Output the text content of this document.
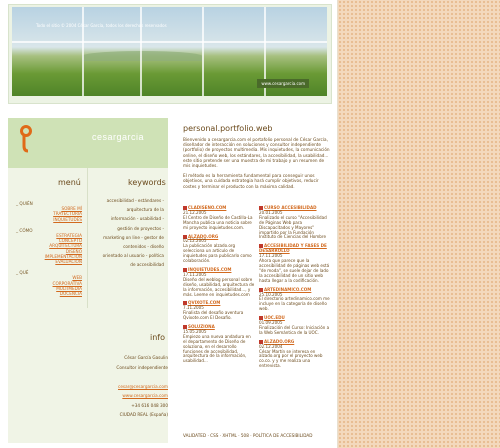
Todo el sitio © 2004 César García, todos los derechos reservados
www.cesargarcia.com
cesargarcia
menú	keywords
_ QUIÉN
SOBRE MÍ
TRAYECTORIA
INQUIETUDES
_ CÓMO
ESTRATEGIA
CONCEPTO
ARQUITECTURA
DISEÑO
IMPLEMENTACIÓN
EVALUACIÓN
_ QUÉ
WEB
CORPORATIVA
MULTIMEDIA
DOCENCIA
accesibilidad - estándares -
arquitectura de la
información - usabilidad -
gestión de proyectos -
marketing on line - gestor de
contenidos - diseño
orientado al usuario - política
de accesibilidad
info
César García Gasulin
Consultor independiente

cesar@cesargarcia.com
www.cesargarcia.com
+34 616 048 300
CIUDAD REAL (España)
personal.portfolio.web

Bienvenido a cesargarcia.com el portafolio personal de César García, diseñador de interacción en soluciones y consultor independiente (portfolio) de proyectos multimedia. Mis inquietudes, la comunicación online, el diseño web, los estándares, la accesibilidad, la usabilidad... este sitio pretende ser una muestra de mi trabajo y un resumen de mis inquietudes.

El método es la herramienta fundamental para conseguir unos objetivos, una cuidada estrategia hará cumplir objetivos, reducir costes y terminar el producto con la máxima calidad.

CLADISENO.COM
21.12.2005
El Centro de Diseño de Castilla-La Mancha publica una noticia sobre mi proyecto inquietudes.com.
ALZADO.ORG
02.12.2005
La publicación alzado.org selecciona un artículo de inquietudes para publicarlo como colaboración.
INQUIETUDES.COM
17.11.2005
Diseño del weblog personal sobre diseño, usabilidad, arquitectura de la información, accesibilidad..., y más. Leeme en inquietudes.com
QVIXOTE.COM
7.11.2005
Finalista del desafío aventura Qvixote.com El Desafío.
SOLUZIONA
15.05.2005
Empiezo una nueva andadura en el departamento de Diseño de soluziona, en el desarrollo funciones de accesibilidad, arquitectura de la información, usabilidad...
CURSO ACCESIBILIDAD
20.01.2005
Finalizado el curso "Accesibilidad de Páginas Web para Discapacitados y Mayores" impartido por la Fundación Instituto de Ciencias del Hombre
ACCESIBILIDAD Y FASES DE DESARROLLO
17.11.2005
Ahora que parece que la accesibilidad de páginas web está "de moda", se suele dejar de lado la accesibilidad de un sitio web hasta llegar a la codificación.
ARTEDINAMICO.COM
25.10.2005
El directorio artedinamico.com me incluye en la categoría de diseño web.
UOC.EDU
01.09.2005
Finalización del Curso: Iniciación a la Web Semántica de la UOC.
ALZADO.ORG
02.12.2004
César Martín se interesa en alzado.org por el proyecto web co.co. y y me realiza una entrevista.
VALIDATED · CSS · XHTML · 508 · POLÍTICA DE ACCESIBILIDAD
